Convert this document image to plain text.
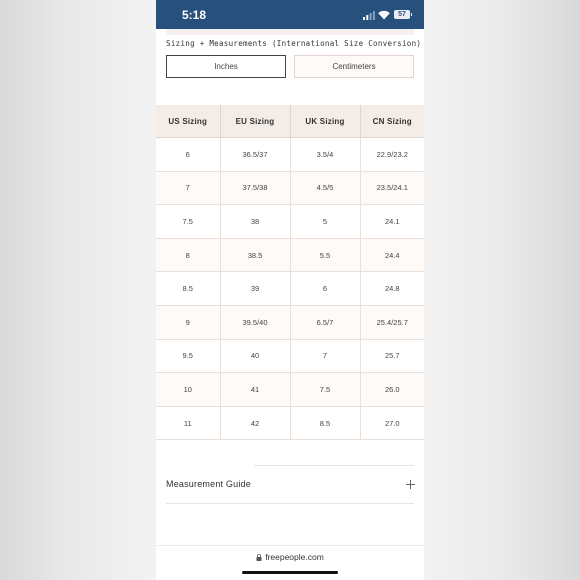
5:18	57
Sizing + Measurements (International Size Conversion)
Inches	Centimeters
US Sizing	EU Sizing	UK Sizing	CN Sizing
6	36.5/37	3.5/4	22.9/23.2
7	37.5/38	4.5/5	23.5/24.1
7.5	38	5	24.1
8	38.5	5.5	24.4
8.5	39	6	24.8
9	39.5/40	6.5/7	25.4/25.7
9.5	40	7	25.7
10	41	7.5	26.0
11	42	8.5	27.0
Measurement Guide
freepeople.com
